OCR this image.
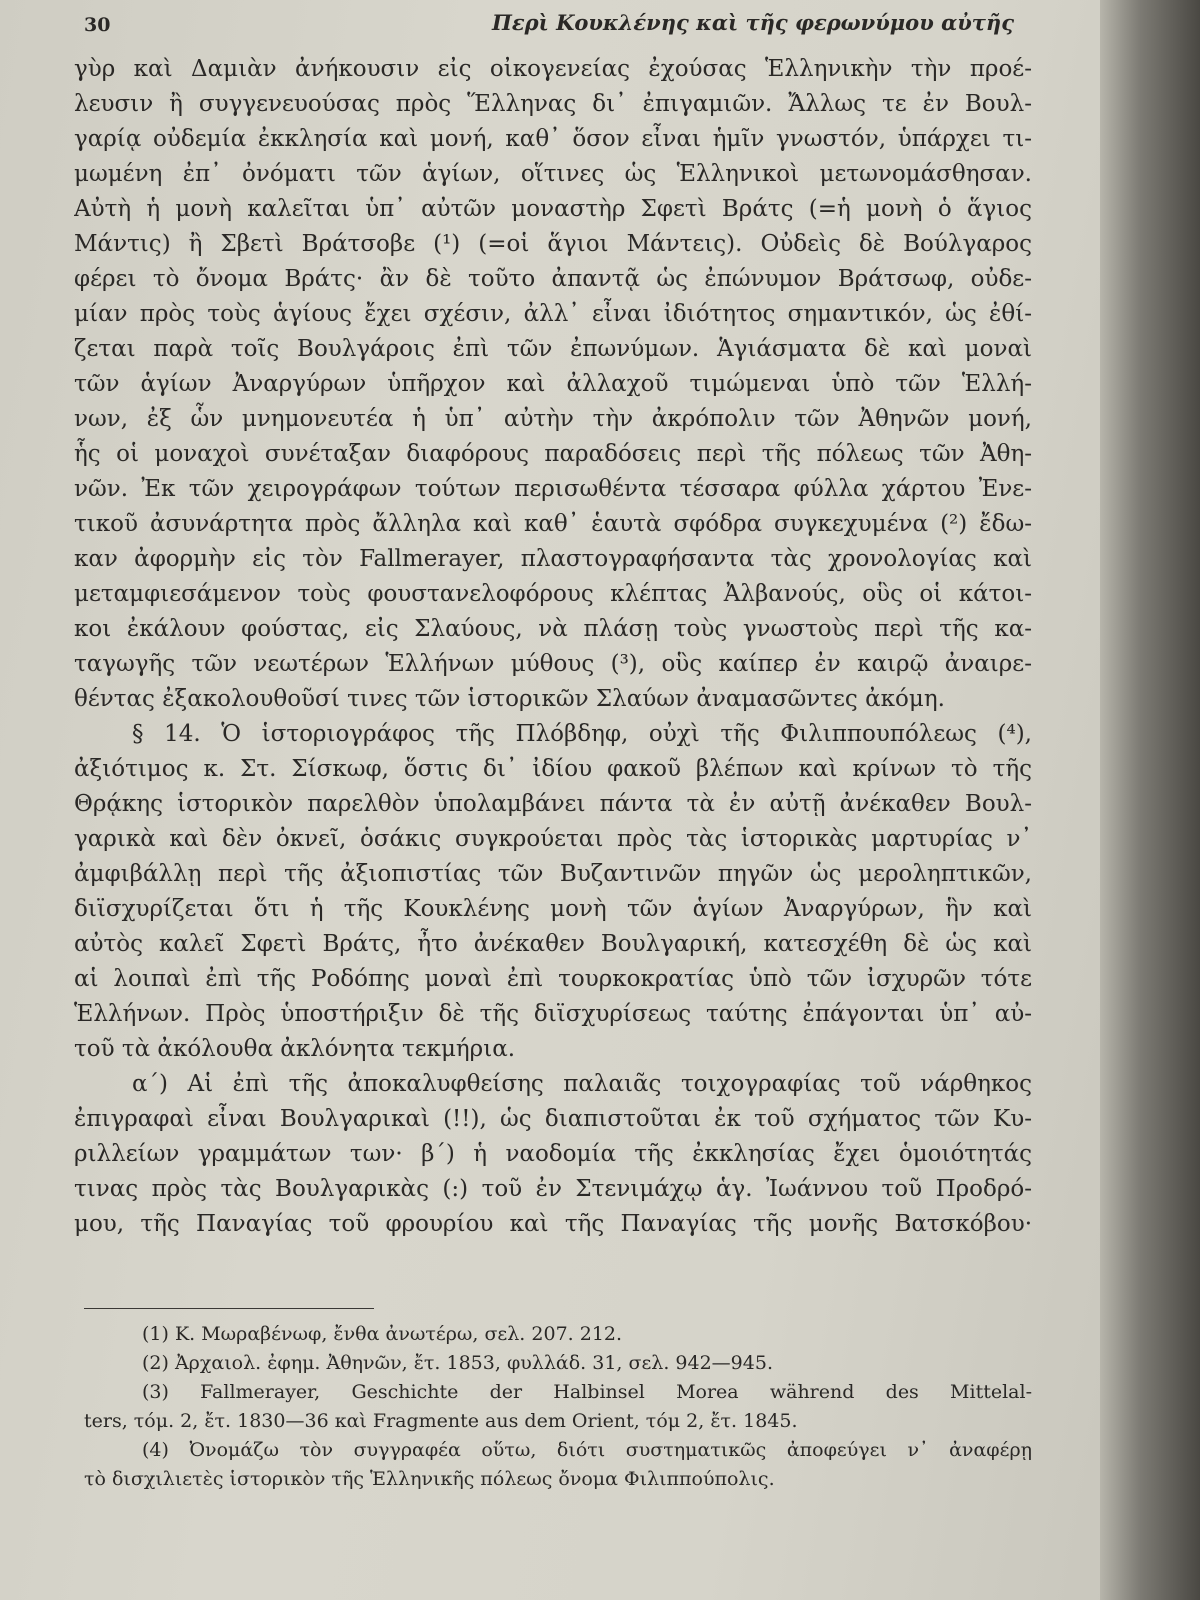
30	Περὶ Κουκλένης καὶ τῆς φερωνύμου αὐτῆς
γὺρ καὶ Δαμιὰν ἀνήκουσιν εἰς οἰκογενείας ἐχούσας Ἑλληνικὴν τὴν προέ-
λευσιν ἢ συγγενευούσας πρὸς Ἕλληνας δι᾿ ἐπιγαμιῶν. Ἄλλως τε ἐν Βουλ-
γαρίᾳ οὐδεμία ἐκκλησία καὶ μονή, καθ᾿ ὅσον εἶναι ἡμῖν γνωστόν, ὑπάρχει τι-
μωμένη ἐπ᾿ ὀνόματι τῶν ἁγίων, οἵτινες ὡς Ἑλληνικοὶ μετωνομάσθησαν.
Αὐτὴ ἡ μονὴ καλεῖται ὑπ᾿ αὐτῶν μοναστὴρ Σφετὶ Βράτς (=ἡ μονὴ ὁ ἅγιος
Μάντις) ἢ Σβετὶ Βράτσοβε (¹) (=οἱ ἅγιοι Μάντεις). Οὐδεὶς δὲ Βούλγαρος
φέρει τὸ ὄνομα Βράτς· ἂν δὲ τοῦτο ἀπαντᾷ ὡς ἐπώνυμον Βράτσωφ, οὐδε-
μίαν πρὸς τοὺς ἁγίους ἔχει σχέσιν, ἀλλ᾿ εἶναι ἰδιότητος σημαντικόν, ὡς ἐθί-
ζεται παρὰ τοῖς Βουλγάροις ἐπὶ τῶν ἐπωνύμων. Ἁγιάσματα δὲ καὶ μοναὶ
τῶν ἁγίων Ἀναργύρων ὑπῆρχον καὶ ἀλλαχοῦ τιμώμεναι ὑπὸ τῶν Ἑλλή-
νων, ἐξ ὧν μνημονευτέα ἡ ὑπ᾿ αὐτὴν τὴν ἀκρόπολιν τῶν Ἀθηνῶν μονή,
ἧς οἱ μοναχοὶ συνέταξαν διαφόρους παραδόσεις περὶ τῆς πόλεως τῶν Ἀθη-
νῶν. Ἐκ τῶν χειρογράφων τούτων περισωθέντα τέσσαρα φύλλα χάρτου Ἐνε-
τικοῦ ἀσυνάρτητα πρὸς ἄλληλα καὶ καθ᾿ ἑαυτὰ σφόδρα συγκεχυμένα (²) ἔδω-
καν ἀφορμὴν εἰς τὸν Fallmerayer, πλαστογραφήσαντα τὰς χρονολογίας καὶ
μεταμφιεσάμενον τοὺς φουστανελοφόρους κλέπτας Ἀλβανούς, οὓς οἱ κάτοι-
κοι ἐκάλουν φούστας, εἰς Σλαύους, νὰ πλάσῃ τοὺς γνωστοὺς περὶ τῆς κα-
ταγωγῆς τῶν νεωτέρων Ἑλλήνων μύθους (³), οὓς καίπερ ἐν καιρῷ ἀναιρε-
θέντας ἐξακολουθοῦσί τινες τῶν ἱστορικῶν Σλαύων ἀναμασῶντες ἀκόμη.
§ 14. Ὁ ἱστοριογράφος τῆς Πλόβδηφ, οὐχὶ τῆς Φιλιππουπόλεως (⁴),
ἀξιότιμος κ. Στ. Σίσκωφ, ὅστις δι᾿ ἰδίου φακοῦ βλέπων καὶ κρίνων τὸ τῆς
Θρᾴκης ἱστορικὸν παρελθὸν ὑπολαμβάνει πάντα τὰ ἐν αὐτῇ ἀνέκαθεν Βουλ-
γαρικὰ καὶ δὲν ὀκνεῖ, ὁσάκις συγκρούεται πρὸς τὰς ἱστορικὰς μαρτυρίας ν᾿
ἀμφιβάλλῃ περὶ τῆς ἀξιοπιστίας τῶν Βυζαντινῶν πηγῶν ὡς μεροληπτικῶν,
διϊσχυρίζεται ὅτι ἡ τῆς Κουκλένης μονὴ τῶν ἁγίων Ἀναργύρων, ἣν καὶ
αὐτὸς καλεῖ Σφετὶ Βράτς, ἦτο ἀνέκαθεν Βουλγαρική, κατεσχέθη δὲ ὡς καὶ
αἱ λοιπαὶ ἐπὶ τῆς Ροδόπης μοναὶ ἐπὶ τουρκοκρατίας ὑπὸ τῶν ἰσχυρῶν τότε
Ἑλλήνων. Πρὸς ὑποστήριξιν δὲ τῆς διϊσχυρίσεως ταύτης ἐπάγονται ὑπ᾿ αὐ-
τοῦ τὰ ἀκόλουθα ἀκλόνητα τεκμήρια.
α΄) Αἱ ἐπὶ τῆς ἀποκαλυφθείσης παλαιᾶς τοιχογραφίας τοῦ νάρθηκος
ἐπιγραφαὶ εἶναι Βουλγαρικαὶ (!!), ὡς διαπιστοῦται ἐκ τοῦ σχήματος τῶν Κυ-
ριλλείων γραμμάτων των· β΄) ἡ ναοδομία τῆς ἐκκλησίας ἔχει ὁμοιότητάς
τινας πρὸς τὰς Βουλγαρικὰς (:) τοῦ ἐν Στενιμάχῳ ἁγ. Ἰωάννου τοῦ Προδρό-
μου, τῆς Παναγίας τοῦ φρουρίου καὶ τῆς Παναγίας τῆς μονῆς Βατσκόβου·
(1) Κ. Μωραβένωφ, ἔνθα ἀνωτέρω, σελ. 207. 212.
(2) Ἀρχαιολ. ἐφημ. Ἀθηνῶν, ἔτ. 1853, φυλλάδ. 31, σελ. 942—945.
(3) Fallmerayer, Geschichte der Halbinsel Morea während des Mittelal-
ters, τόμ. 2, ἔτ. 1830—36 καὶ Fragmente aus dem Orient, τόμ 2, ἔτ. 1845.
(4) Ὀνομάζω τὸν συγγραφέα οὕτω, διότι συστηματικῶς ἀποφεύγει ν᾿ ἀναφέρῃ
τὸ δισχιλιετὲς ἱστορικὸν τῆς Ἑλληνικῆς πόλεως ὄνομα Φιλιππούπολις.
